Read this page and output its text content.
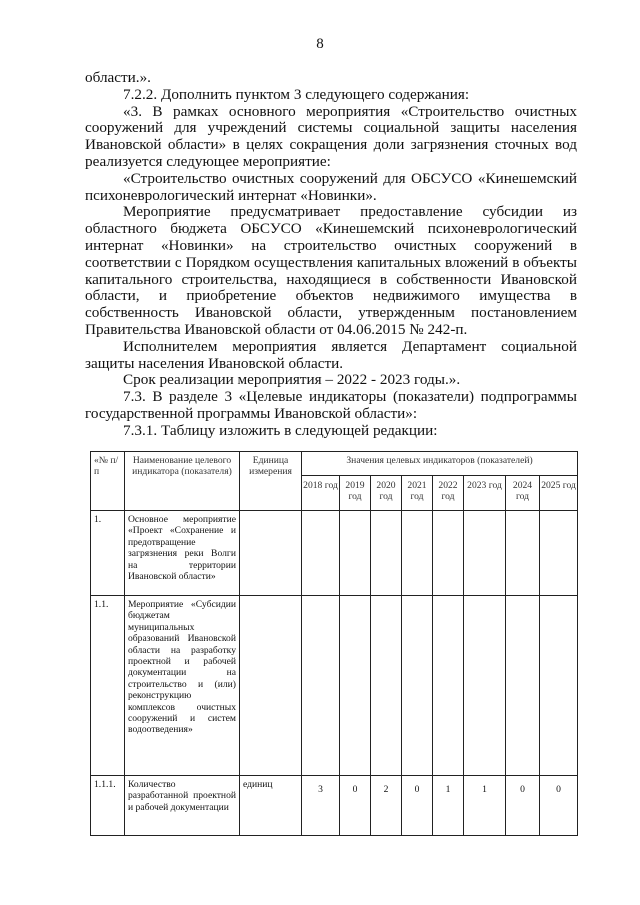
8

области.».

7.2.2. Дополнить пунктом 3 следующего содержания:

«3. В рамках основного мероприятия «Строительство очистных сооружений для учреждений системы социальной защиты населения Ивановской области» в целях сокращения доли загрязнения сточных вод реализуется следующее мероприятие:

«Строительство очистных сооружений для ОБСУСО «Кинешемский психоневрологический интернат «Новинки».

Мероприятие предусматривает предоставление субсидии из областного бюджета ОБСУСО «Кинешемский психоневрологический интернат «Новинки» на строительство очистных сооружений в соответствии с Порядком осуществления капитальных вложений в объекты капитального строительства, находящиеся в собственности Ивановской области, и приобретение объектов недвижимого имущества в собственность Ивановской области, утвержденным постановлением Правительства Ивановской области от 04.06.2015 № 242-п.

Исполнителем мероприятия является Департамент социальной защиты населения Ивановской области.

Срок реализации мероприятия – 2022 - 2023 годы.».

7.3. В разделе 3 «Целевые индикаторы (показатели) подпрограммы государственной программы Ивановской области»:

7.3.1. Таблицу изложить в следующей редакции:

«№ п/п	Наименование целевого индикатора (показателя)	Единица измерения	Значения целевых индикаторов (показателей)							
			2018 год	2019 год	2020 год	2021 год	2022 год	2023 год	2024 год	2025 год
1.	Основное мероприятие «Проект «Сохранение и предотвращение загрязнения реки Волги на территории Ивановской области»									
1.1.	Мероприятие «Субсидии бюджетам муниципальных образований Ивановской области на разработку проектной и рабочей документации на строительство и (или) реконструкцию комплексов очистных сооружений и систем водоотведения»									
1.1.1.	Количество разработанной проектной и рабочей документации	единиц	3	0	2	0	1	1	0	0
